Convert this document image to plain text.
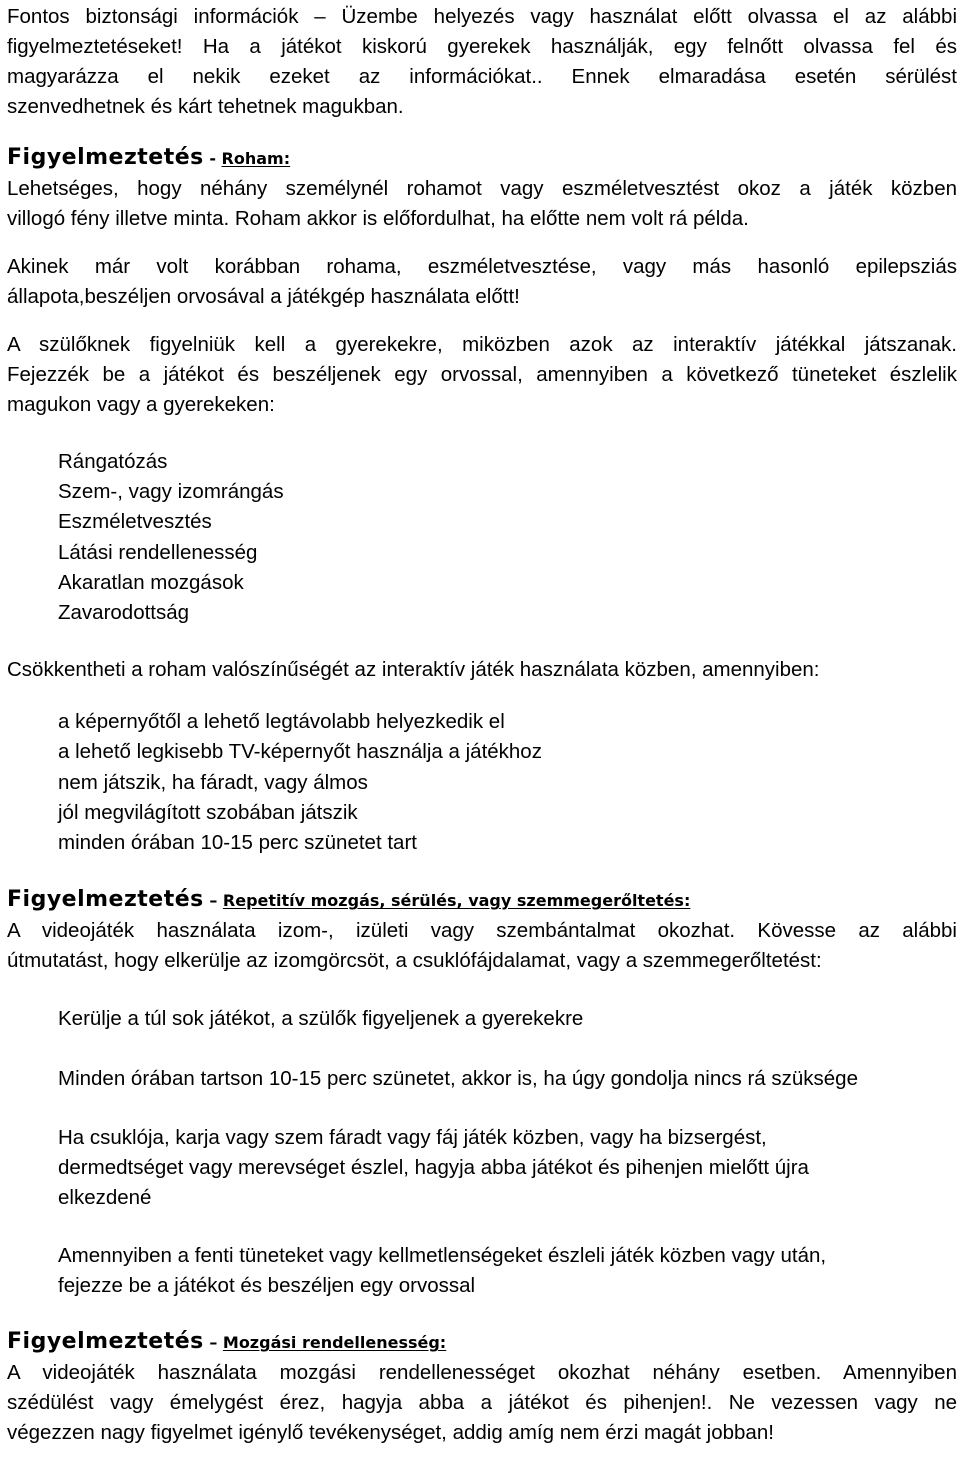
Fontos biztonsági információk – Üzembe helyezés vagy használat előtt olvassa el az alábbi

figyelmeztetéseket! Ha a játékot kiskorú gyerekek használják, egy felnőtt olvassa fel és

magyarázza el nekik ezeket az információkat.. Ennek elmaradása esetén sérülést

szenvedhetnek és kárt tehetnek magukban.

Figyelmeztetés - Roham:

Lehetséges, hogy néhány személynél rohamot vagy eszméletvesztést okoz a játék közben

villogó fény illetve minta. Roham akkor is előfordulhat, ha előtte nem volt rá példa.

Akinek már volt korábban rohama, eszméletvesztése, vagy más hasonló epilepsziás

állapota,beszéljen orvosával a játékgép használata előtt!

A szülőknek figyelniük kell a gyerekekre, miközben azok az interaktív játékkal játszanak.

Fejezzék be a játékot és beszéljenek egy orvossal, amennyiben a következő tüneteket észlelik

magukon vagy a gyerekeken:

Rángatózás
Szem-, vagy izomrángás
Eszméletvesztés
Látási rendellenesség
Akaratlan mozgások
Zavarodottság

Csökkentheti a roham valószínűségét az interaktív játék használata közben, amennyiben:

a képernyőtől a lehető legtávolabb helyezkedik el
a lehető legkisebb TV-képernyőt használja a játékhoz
nem játszik, ha fáradt, vagy álmos
jól megvilágított szobában játszik
minden órában 10-15 perc szünetet tart
Figyelmeztetés – Repetitív mozgás, sérülés, vagy szemmegerőltetés:

A videojáték használata izom-, izületi vagy szembántalmat okozhat. Kövesse az alábbi

útmutatást, hogy elkerülje az izomgörcsöt, a csuklófájdalamat, vagy a szemmegerőltetést:

Kerülje a túl sok játékot, a szülők figyeljenek a gyerekekre

Minden órában tartson 10-15 perc szünetet, akkor is, ha úgy gondolja nincs rá szüksége

Ha csuklója, karja vagy szem fáradt vagy fáj játék közben, vagy ha bizsergést,

dermedtséget vagy merevséget észlel, hagyja abba játékot és pihenjen mielőtt újra

elkezdené

Amennyiben a fenti tüneteket vagy kellmetlenségeket észleli játék közben vagy után,

fejezze be a játékot és beszéljen egy orvossal

Figyelmeztetés – Mozgási rendellenesség:

A videojáték használata mozgási rendellenességet okozhat néhány esetben. Amennyiben

szédülést vagy émelygést érez, hagyja abba a játékot és pihenjen!. Ne vezessen vagy ne

végezzen nagy figyelmet igénylő tevékenységet, addig amíg nem érzi magát jobban!
